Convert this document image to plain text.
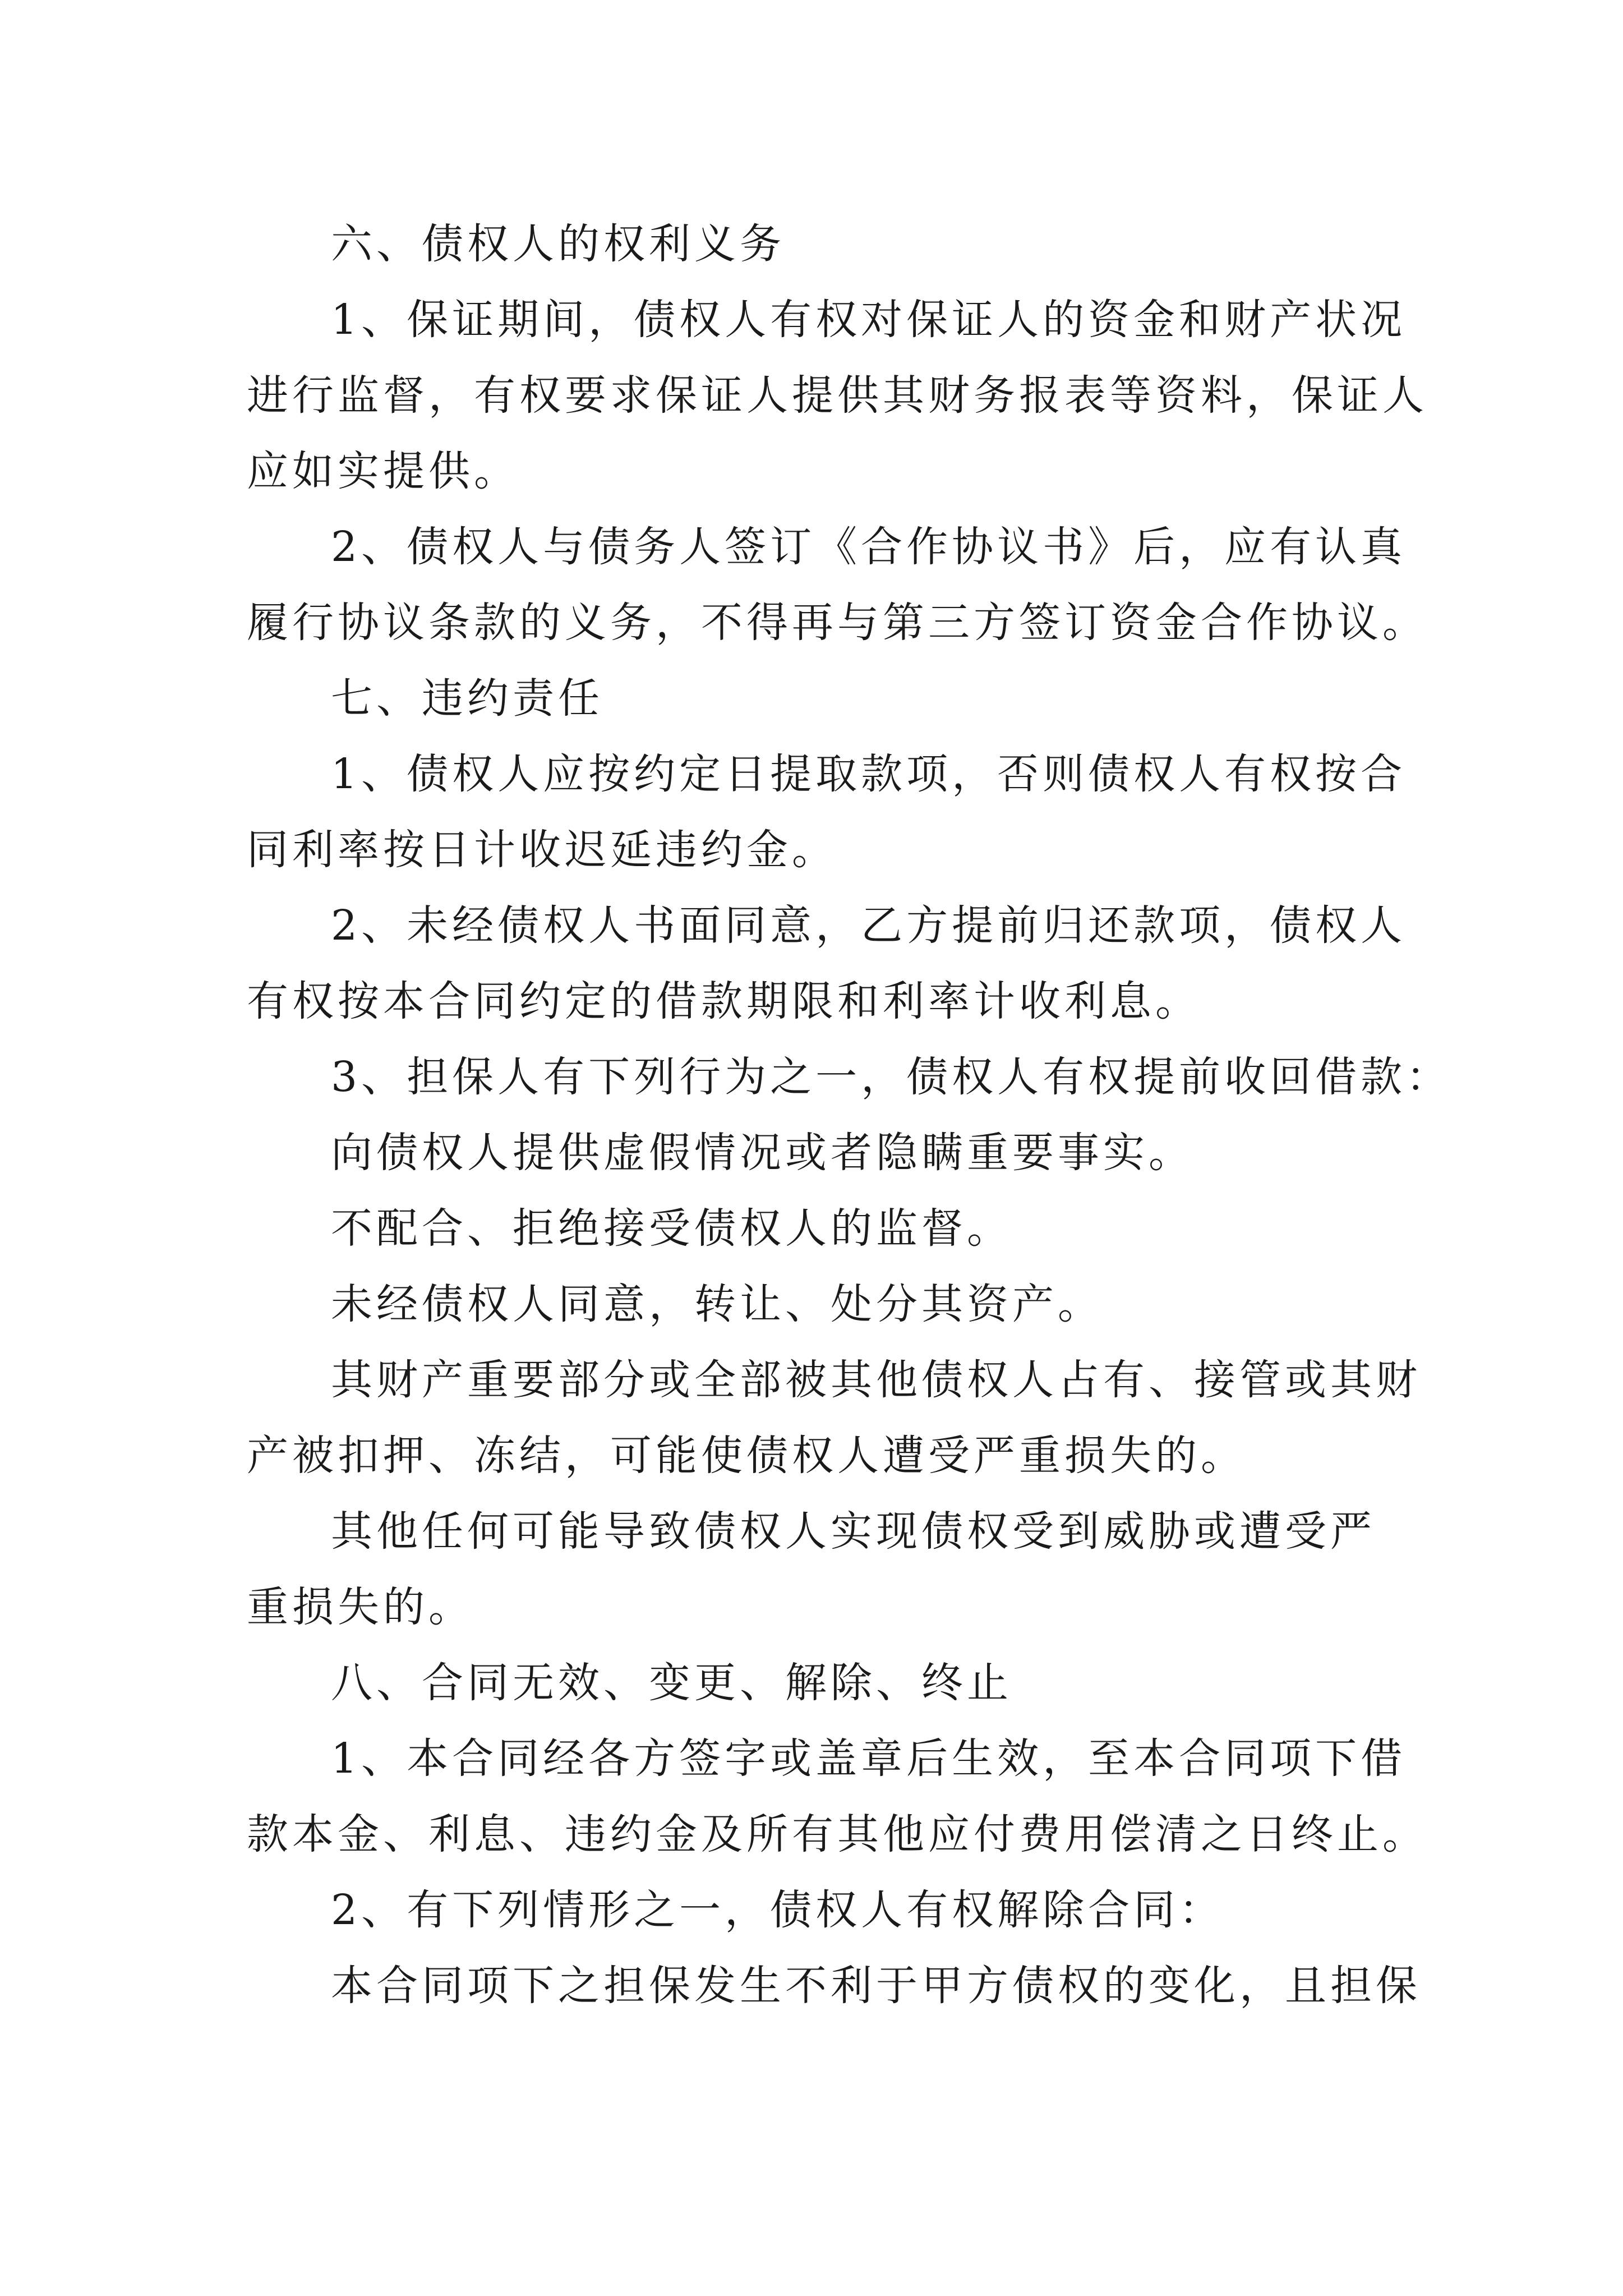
六、债权人的权利义务
1、保证期间，债权人有权对保证人的资金和财产状况
进行监督，有权要求保证人提供其财务报表等资料，保证人
应如实提供。
2、债权人与债务人签订《合作协议书》后，应有认真
履行协议条款的义务，不得再与第三方签订资金合作协议。
七、违约责任
1、债权人应按约定日提取款项，否则债权人有权按合
同利率按日计收迟延违约金。
2、未经债权人书面同意，乙方提前归还款项，债权人
有权按本合同约定的借款期限和利率计收利息。
3、担保人有下列行为之一，债权人有权提前收回借款：
向债权人提供虚假情况或者隐瞒重要事实。
不配合、拒绝接受债权人的监督。
未经债权人同意，转让、处分其资产。
其财产重要部分或全部被其他债权人占有、接管或其财
产被扣押、冻结，可能使债权人遭受严重损失的。
其他任何可能导致债权人实现债权受到威胁或遭受严
重损失的。
八、合同无效、变更、解除、终止
1、本合同经各方签字或盖章后生效，至本合同项下借
款本金、利息、违约金及所有其他应付费用偿清之日终止。
2、有下列情形之一，债权人有权解除合同：
本合同项下之担保发生不利于甲方债权的变化，且担保
